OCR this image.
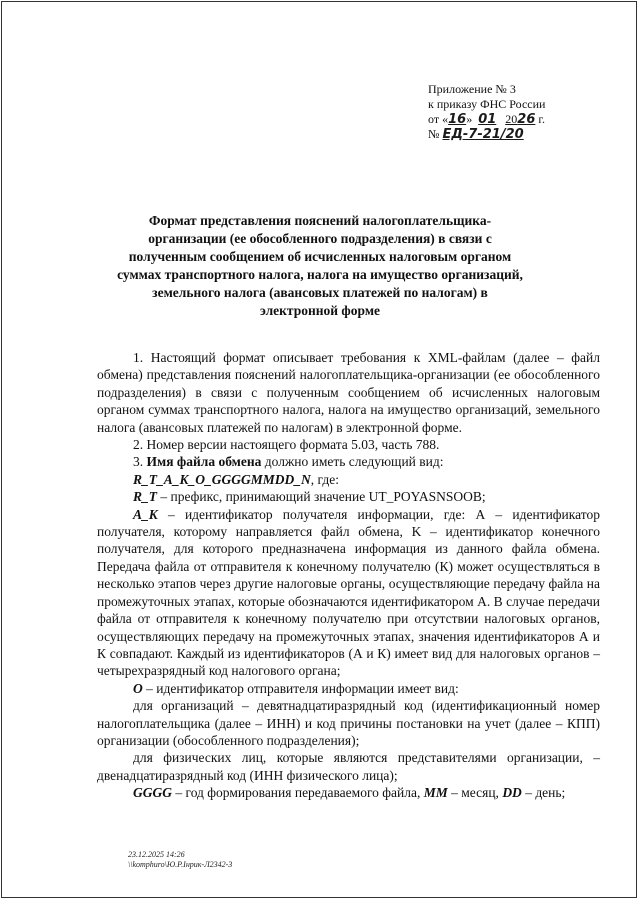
Приложение № 3
к приказу ФНС России
от «16» 01 2026 г.
№ ЕД-7-21/20
Формат представления пояснений налогоплательщика-
организации (ее обособленного подразделения) в связи с
полученным сообщением об исчисленных налоговым органом
суммах транспортного налога, налога на имущество организаций,
земельного налога (авансовых платежей по налогам) в
электронной форме

1. Настоящий формат описывает требования к XML-файлам (далее – файл обмена) представления пояснений налогоплательщика-организации (ее обособленного подразделения) в связи с полученным сообщением об исчисленных налоговым органом суммах транспортного налога, налога на имущество организаций, земельного налога (авансовых платежей по налогам) в электронной форме.

2. Номер версии настоящего формата 5.03, часть 788.

3. Имя файла обмена должно иметь следующий вид:

R_T_A_K_O_GGGGMMDD_N, где:

R_T – префикс, принимающий значение UT_POYASNSOOB;

A_K – идентификатор получателя информации, где: А – идентификатор получателя, которому направляется файл обмена, K – идентификатор конечного получателя, для которого предназначена информация из данного файла обмена. Передача файла от отправителя к конечному получателю (К) может осуществляться в несколько этапов через другие налоговые органы, осуществляющие передачу файла на промежуточных этапах, которые обозначаются идентификатором А. В случае передачи файла от отправителя к конечному получателю при отсутствии налоговых органов, осуществляющих передачу на промежуточных этапах, значения идентификаторов А и К совпадают. Каждый из идентификаторов (А и К) имеет вид для налоговых органов – четырехразрядный код налогового органа;

O – идентификатор отправителя информации имеет вид:

для организаций – девятнадцатиразрядный код (идентификационный номер налогоплательщика (далее – ИНН) и код причины постановки на учет (далее – КПП) организации (обособленного подразделения);

для физических лиц, которые являются представителями организации, – двенадцатиразрядный код (ИНН физического лица);

GGGG – год формирования передаваемого файла, MM – месяц, DD – день;

23.12.2025 14:26
\\komphuro\Ю.Р.Інрик-Л2342-3
